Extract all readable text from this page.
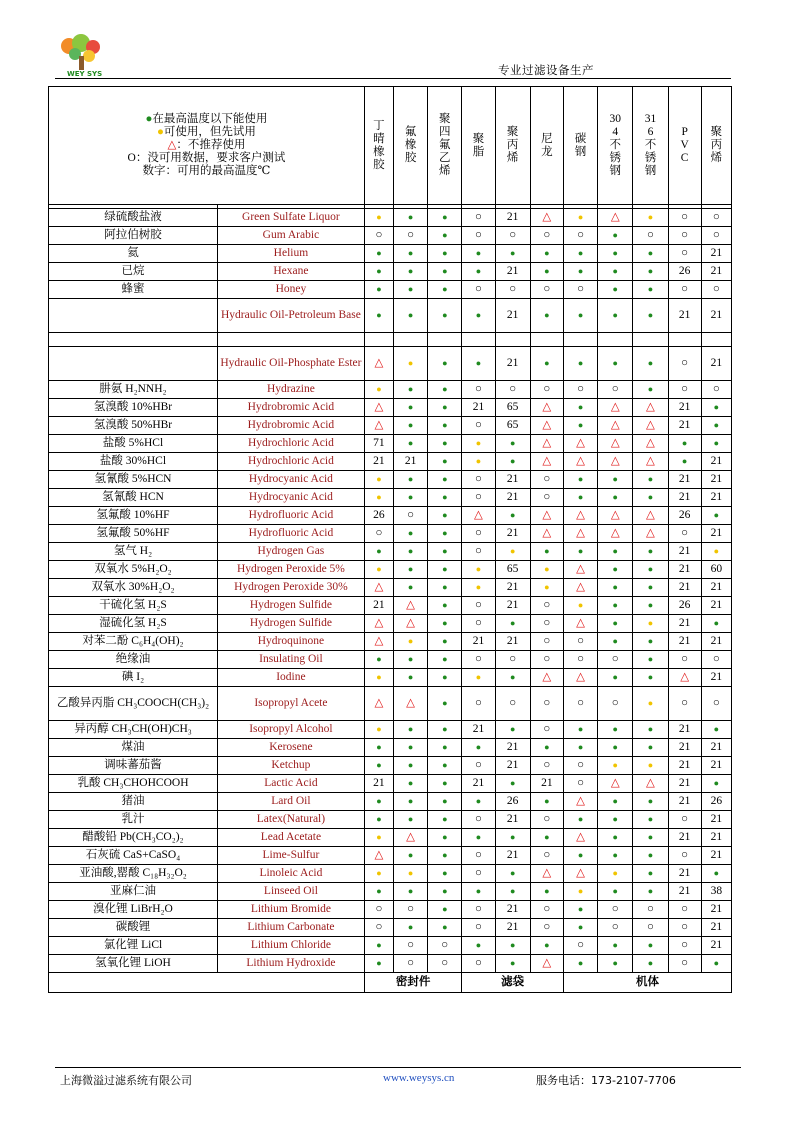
WEY SYS	专业过滤设备生产
●在最高温度以下能使用
●可使用，但先试用
△：不推荐使用
O：没可用数据，要求客户测试
数字：可用的最高温度℃		丁晴橡胶	氟橡胶	聚四氟乙烯	聚脂	聚丙烯	尼龙	碳钢	304不锈钢	316不锈钢	PVC	聚丙烯

绿硫酸盐液	Green Sulfate Liquor	●	●	●	○	21	△	●	△	●	○	○
阿拉伯树胶	Gum Arabic	○	○	●	○	○	○	○	●	○	○	○
氦	Helium	●	●	●	●	●	●	●	●	●	○	21
已烷	Hexane	●	●	●	●	21	●	●	●	●	26	21
蜂蜜	Honey	●	●	●	○	○	○	○	●	●	○	○
	Hydraulic Oil-Petroleum Base	●	●	●	●	21	●	●	●	●	21	21

	Hydraulic Oil-Phosphate Ester	△	●	●	●	21	●	●	●	●	○	21
肼氨 H₂NNH₂	Hydrazine	●	●	●	○	○	○	○	○	●	○	○
氢溴酸 10%HBr	Hydrobromic Acid	△	●	●	21	65	△	●	△	△	21	●
氢溴酸 50%HBr	Hydrobromic Acid	△	●	●	○	65	△	●	△	△	21	●
盐酸 5%HCl	Hydrochloric Acid	71	●	●	●	●	△	△	△	△	●	●
盐酸 30%HCl	Hydrochloric Acid	21	21	●	●	●	△	△	△	△	●	21
氢氰酸 5%HCN	Hydrocyanic Acid	●	●	●	○	21	○	●	●	●	21	21
氢氰酸 HCN	Hydrocyanic Acid	●	●	●	○	21	○	●	●	●	21	21
氢氟酸 10%HF	Hydrofluoric Acid	26	○	●	△	●	△	△	△	△	26	●
氢氟酸 50%HF	Hydrofluoric Acid	○	●	●	○	21	△	△	△	△	○	21
氢气 H₂	Hydrogen Gas	●	●	●	○	●	●	●	●	●	21	●
双氧水 5%H₂O₂	Hydrogen Peroxide 5%	●	●	●	●	65	●	△	●	●	21	60
双氧水 30%H₂O₂	Hydrogen Peroxide 30%	△	●	●	●	21	●	△	●	●	21	21
干硫化氢 H₂S	Hydrogen Sulfide	21	△	●	○	21	○	●	●	●	26	21
湿硫化氢 H₂S	Hydrogen Sulfide	△	△	●	○	●	○	△	●	●	21	●
对苯二酚 C₆H₄(OH)₂	Hydroquinone	△	●	●	21	21	○	○	●	●	21	21
绝缘油	Insulating Oil	●	●	●	○	○	○	○	○	●	○	○
碘 I₂	Iodine	●	●	●	●	●	△	△	●	●	△	21
乙酸异丙脂 CH₃COOCH(CH₃)₂	Isopropyl Acete	△	△	●	○	○	○	○	○	●	○	○
异丙醇 CH₃CH(OH)CH₃	Isopropyl Alcohol	●	●	●	21	●	○	●	●	●	21	●
煤油	Kerosene	●	●	●	●	21	●	●	●	●	21	21
调味蕃茄酱	Ketchup	●	●	●	○	21	○	○	●	●	21	21
乳酸 CH₃CHOHCOOH	Lactic Acid	21	●	●	21	●	21	○	△	△	21	●
猪油	Lard Oil	●	●	●	●	26	●	△	●	●	21	26
乳汁	Latex(Natural)	●	●	●	○	21	○	●	●	●	○	21
醋酸铅 Pb(CH₃CO₂)₂	Lead Acetate	●	△	●	●	●	●	△	●	●	21	21
石灰硫 CaS+CaSO₄	Lime-Sulfur	△	●	●	○	21	○	●	●	●	○	21
亚油酸,罂酸 C₁₈H₃₂O₂	Linoleic Acid	●	●	●	○	●	△	△	●	●	21	●
亚麻仁油	Linseed Oil	●	●	●	●	●	●	●	●	●	21	38
溴化锂 LiBrH₂O	Lithium Bromide	○	○	●	○	21	○	●	○	○	○	21
碳酸锂	Lithium Carbonate	○	●	●	○	21	○	●	○	○	○	21
氯化锂 LiCl	Lithium Chloride	●	○	○	●	●	●	○	●	●	○	21
氢氧化锂 LiOH	Lithium Hydroxide	●	○	○	○	●	△	●	●	●	○	●
		密封件			滤袋			机体				
上海微溢过滤系统有限公司	www.weysys.cn	服务电话：173-2107-7706
